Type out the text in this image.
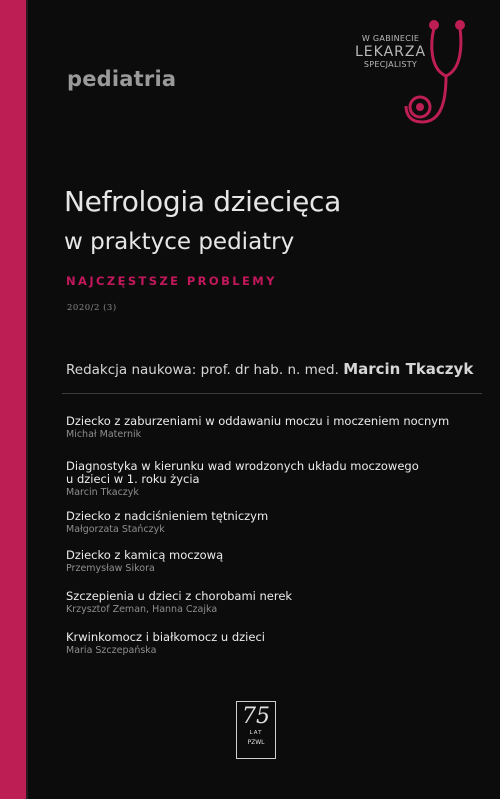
pediatria
W GABINECIE
LEKARZA
SPECJALISTY
Nefrologia dziecięca
w praktyce pediatry
NAJCZĘSTSZE PROBLEMY
2020/2 (3)
Redakcja naukowa: prof. dr hab. n. med. Marcin Tkaczyk
Dziecko z zaburzeniami w oddawaniu moczu i moczeniem nocnym
Michał Maternik
Diagnostyka w kierunku wad wrodzonych układu moczowego
u dzieci w 1. roku życia
Marcin Tkaczyk
Dziecko z nadciśnieniem tętniczym
Małgorzata Stańczyk
Dziecko z kamicą moczową
Przemysław Sikora
Szczepienia u dzieci z chorobami nerek
Krzysztof Zeman, Hanna Czajka
Krwinkomocz i białkomocz u dzieci
Maria Szczepańska
75
LAT
PZWL
